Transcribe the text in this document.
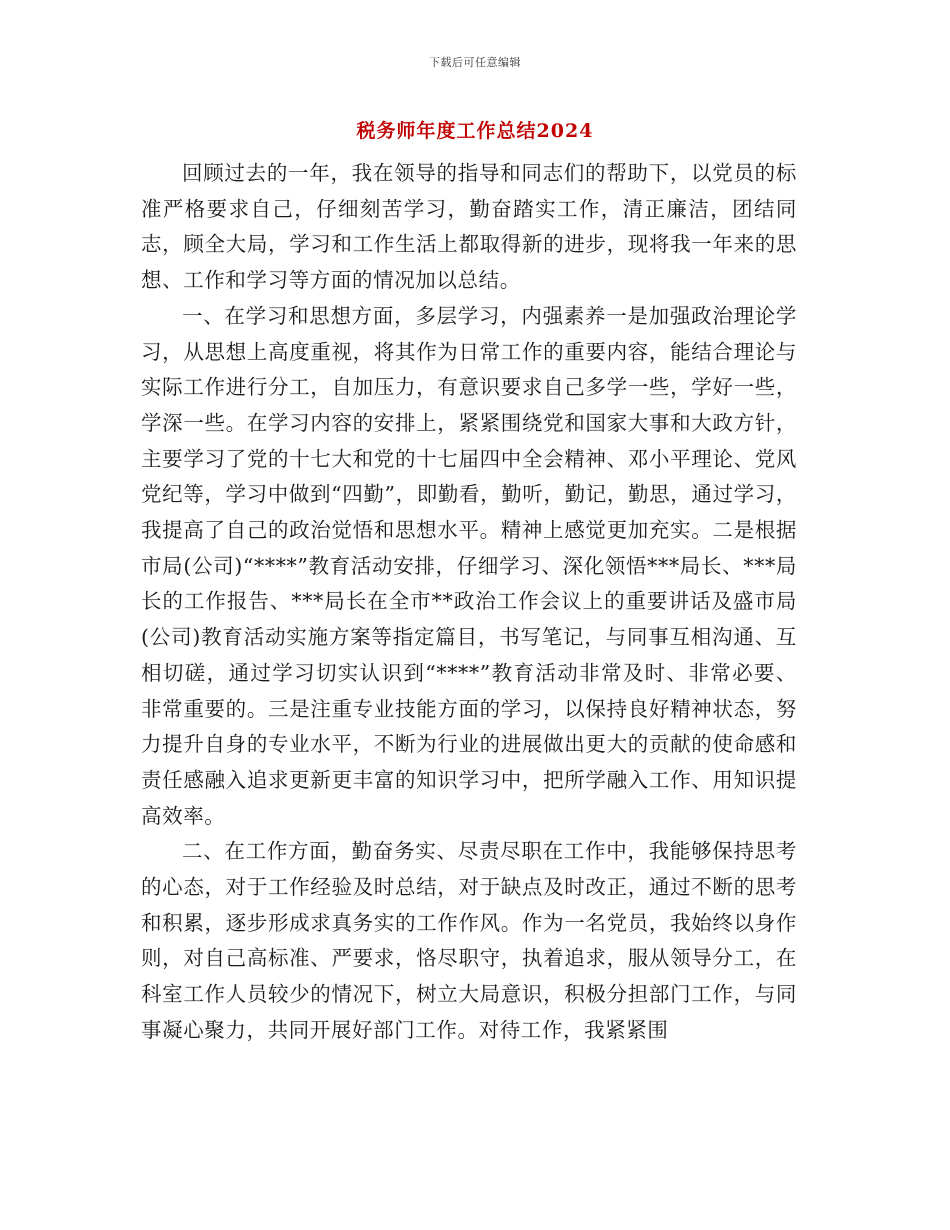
下载后可任意编辑
税务师年度工作总结2024

回顾过去的一年，我在领导的指导和同志们的帮助下，以党员的标准严格要求自己，仔细刻苦学习，勤奋踏实工作，清正廉洁，团结同志，顾全大局，学习和工作生活上都取得新的进步，现将我一年来的思想、工作和学习等方面的情况加以总结。

一、在学习和思想方面，多层学习，内强素养一是加强政治理论学习，从思想上高度重视，将其作为日常工作的重要内容，能结合理论与实际工作进行分工，自加压力，有意识要求自己多学一些，学好一些，学深一些。在学习内容的安排上，紧紧围绕党和国家大事和大政方针，主要学习了党的十七大和党的十七届四中全会精神、邓小平理论、党风党纪等，学习中做到“四勤”，即勤看，勤听，勤记，勤思，通过学习，我提高了自己的政治觉悟和思想水平。精神上感觉更加充实。二是根据市局(公司)“****”教育活动安排，仔细学习、深化领悟***局长、***局长的工作报告、***局长在全市**政治工作会议上的重要讲话及盛市局(公司)教育活动实施方案等指定篇目，书写笔记，与同事互相沟通、互相切磋，通过学习切实认识到“****”教育活动非常及时、非常必要、非常重要的。三是注重专业技能方面的学习，以保持良好精神状态，努力提升自身的专业水平，不断为行业的进展做出更大的贡献的使命感和责任感融入追求更新更丰富的知识学习中，把所学融入工作、用知识提高效率。

二、在工作方面，勤奋务实、尽责尽职在工作中，我能够保持思考的心态，对于工作经验及时总结，对于缺点及时改正，通过不断的思考和积累，逐步形成求真务实的工作作风。作为一名党员，我始终以身作则，对自己高标准、严要求，恪尽职守，执着追求，服从领导分工，在科室工作人员较少的情况下，树立大局意识，积极分担部门工作，与同事凝心聚力，共同开展好部门工作。对待工作，我紧紧围
